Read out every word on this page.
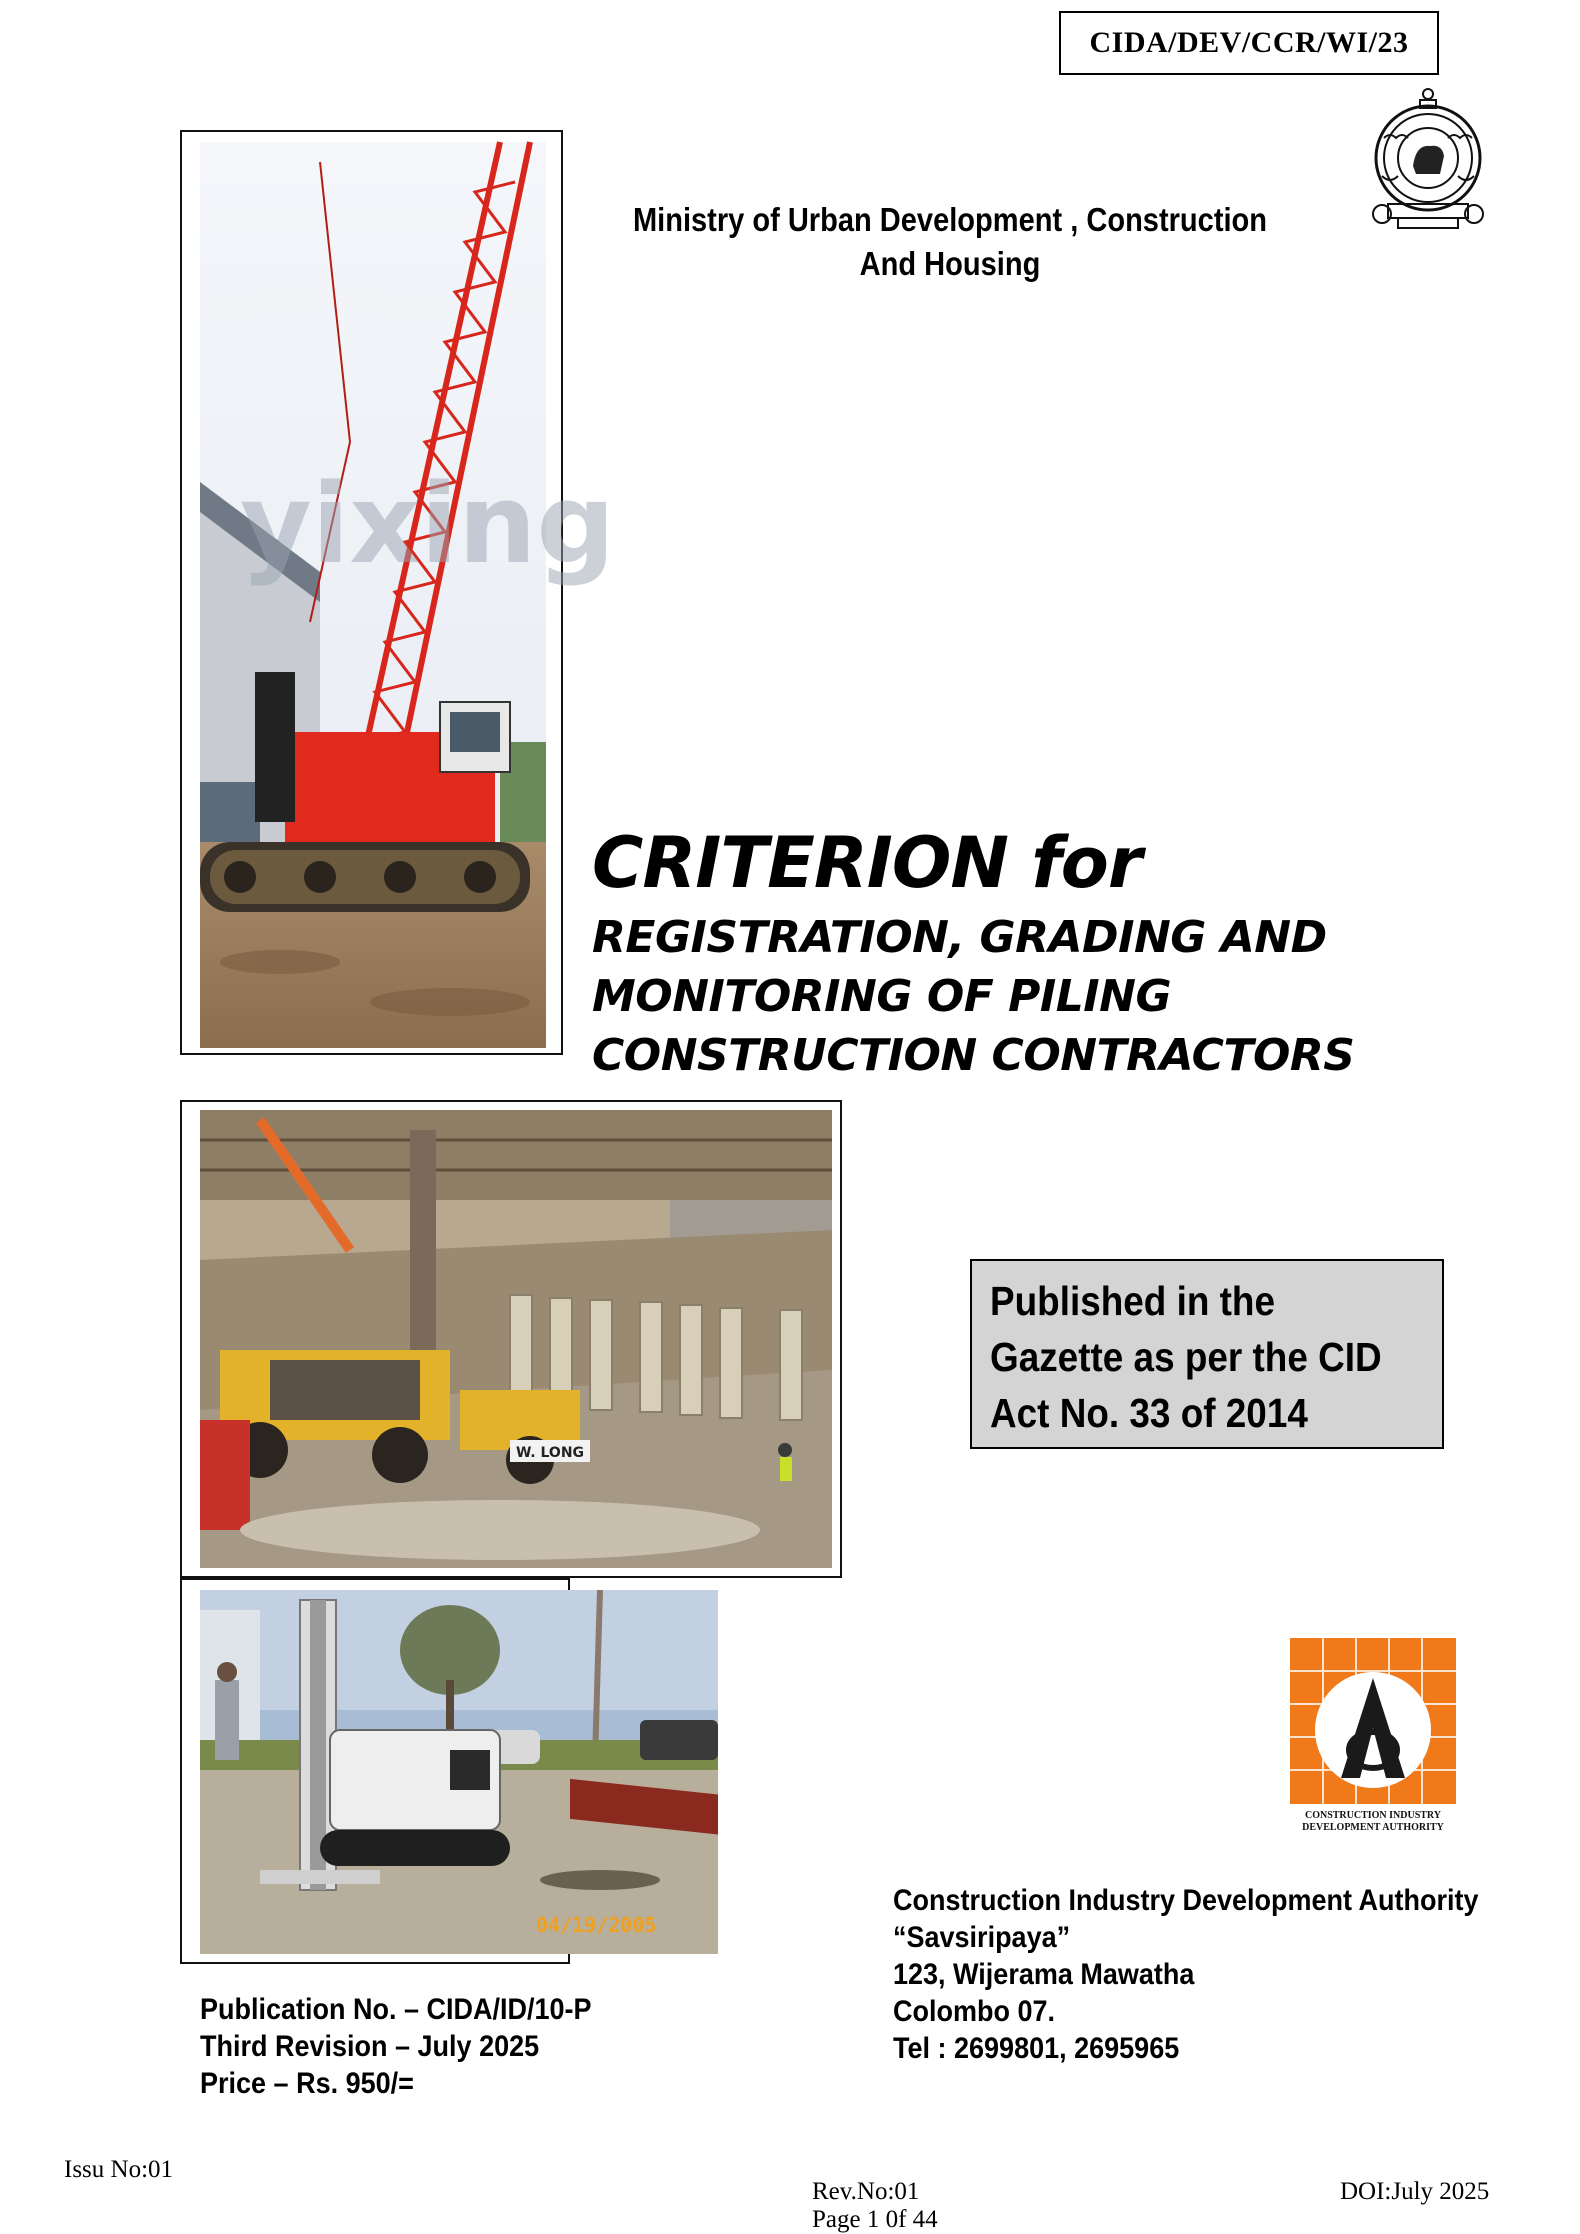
CIDA/DEV/CCR/WI/23
Ministry of Urban Development , Construction
And Housing
yixing
CRITERION for
REGISTRATION, GRADING AND
MONITORING OF PILING
CONSTRUCTION CONTRACTORS
W. LONG
Published in the
Gazette as per the CID
Act No. 33 of 2014
04/19/2005
CONSTRUCTION INDUSTRY
DEVELOPMENT AUTHORITY
Construction Industry Development Authority
“Savsiripaya”
123, Wijerama Mawatha
Colombo 07.
Tel : 2699801, 2695965
Publication No. – CIDA/ID/10-P
Third Revision – July 2025
Price – Rs. 950/=
Issu No:01
Rev.No:01
Page 1 0f 44
DOI:July 2025
